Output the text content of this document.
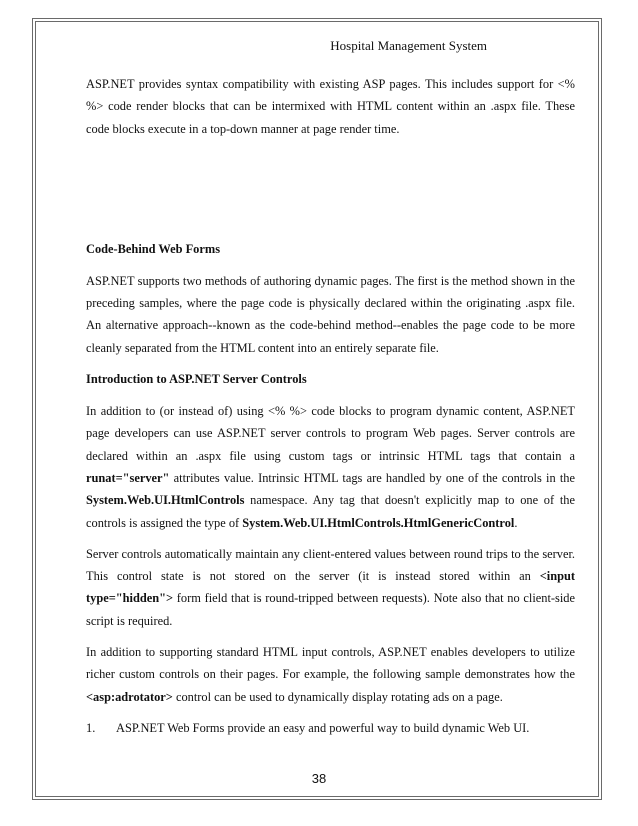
Hospital Management System

ASP.NET provides syntax compatibility with existing ASP pages. This includes support for <% %> code render blocks that can be intermixed with HTML content within an .aspx file. These code blocks execute in a top-down manner at page render time.

Code-Behind Web Forms

ASP.NET supports two methods of authoring dynamic pages. The first is the method shown in the preceding samples, where the page code is physically declared within the originating .aspx file. An alternative approach--known as the code-behind method--enables the page code to be more cleanly separated from the HTML content into an entirely separate file.

Introduction to ASP.NET Server Controls

In addition to (or instead of) using <% %> code blocks to program dynamic content, ASP.NET page developers can use ASP.NET server controls to program Web pages. Server controls are declared within an .aspx file using custom tags or intrinsic HTML tags that contain a runat="server" attributes value. Intrinsic HTML tags are handled by one of the controls in the System.Web.UI.HtmlControls namespace. Any tag that doesn't explicitly map to one of the controls is assigned the type of System.Web.UI.HtmlControls.HtmlGenericControl.

Server controls automatically maintain any client-entered values between round trips to the server. This control state is not stored on the server (it is instead stored within an <input type="hidden"> form field that is round-tripped between requests). Note also that no client-side script is required.

In addition to supporting standard HTML input controls, ASP.NET enables developers to utilize richer custom controls on their pages. For example, the following sample demonstrates how the <asp:adrotator> control can be used to dynamically display rotating ads on a page.

1.	ASP.NET Web Forms provide an easy and powerful way to build dynamic Web UI.
38
